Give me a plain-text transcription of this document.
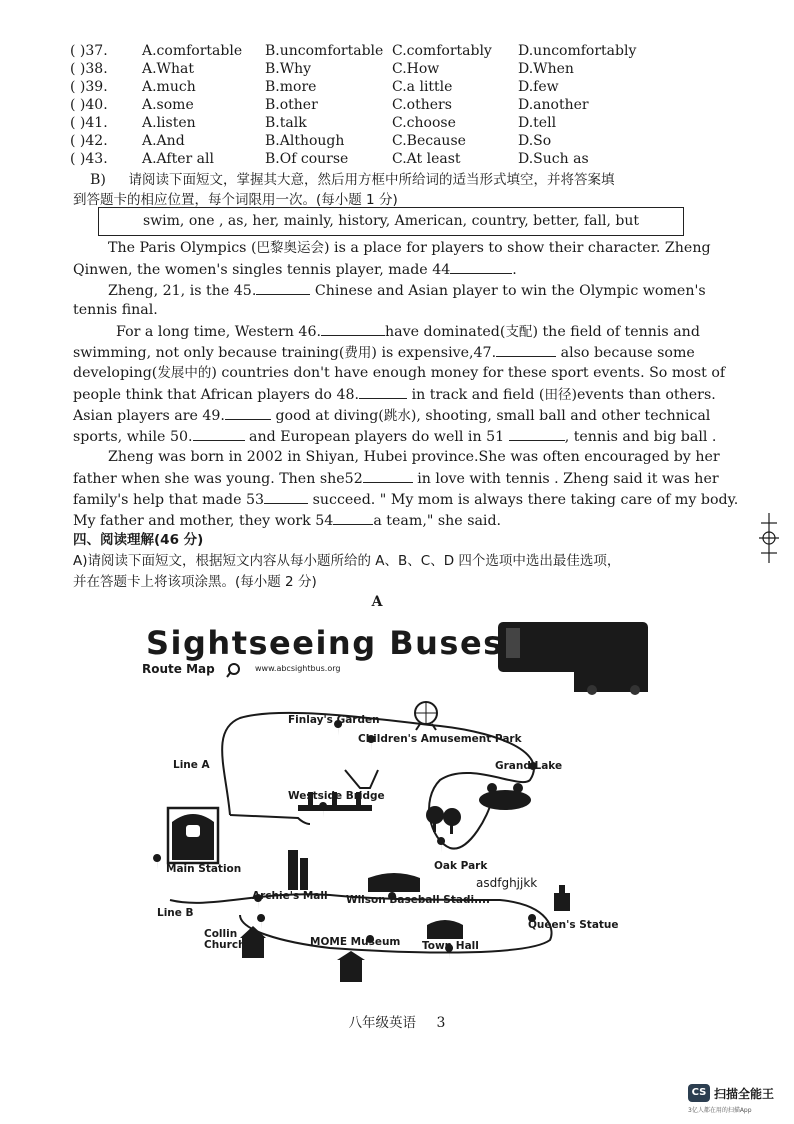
( )37. A.comfortable B.uncomfortable C.comfortably D.uncomfortably
( )38. A.What	B.Why	C.How	D.When
( )39. A.much	B.more	C.a little	D.few
( )40. A.some	B.other	C.others	D.another
( )41. A.listen	B.talk	C.choose	D.tell
( )42. A.And	B.Although	C.Because	D.So
( )43. A.After all	B.Of course	C.At least	D.Such as
B) 请阅读下面短文，掌握其大意，然后用方框中所给词的适当形式填空，并将答案填
到答题卡的相应位置，每个词限用一次。(每小题 1 分)
swim, one , as, her, mainly, history, American, country, better, fall, but
The Paris Olympics (巴黎奥运会) is a place for players to show their character. Zheng
Qinwen, the women's singles tennis player, made 44	.
Zheng, 21, is the 45.	Chinese and Asian player to win the Olympic women's
tennis final.
For a long time, Western 46.	have dominated(支配) the field of tennis and
swimming, not only because training(费用) is expensive,47.	also because some
developing(发展中的) countries don't have enough money for these sport events. So most of
people think that African players do 48.	in track and field (田径)events than others.
Asian players are 49.	good at diving(跳水), shooting, small ball and other technical
sports, while 50.	and European players do well in 51	, tennis and big ball .
Zheng was born in 2002 in Shiyan, Hubei province.She was often encouraged by her
father when she was young. Then she52	in love with tennis . Zheng said it was her
family's help that made 53	succeed. " My mom is always there taking care of my body.
My father and mother, they work 54	a team," she said.
四、阅读理解(46 分)
A)请阅读下面短文，根据短文内容从每小题所给的 A、B、C、D 四个选项中选出最佳选项，
并在答题卡上将该项涂黑。(每小题 2 分)
A
Sightseeing Buses
Route Map	www.abcsightbus.org
Finlay's Garden
Children's Amusement Park
Grand Lake
Line A
Westside Bridge
Oak Park
Main Station
asdfghjjkk
Archie's Mall Wilson Baseball Stadi....
Line B
Queen's Statue
Collin
Church	MOME Museum Town Hall
八年级英语 3
CS 扫描全能王
3亿人都在用的扫描App
